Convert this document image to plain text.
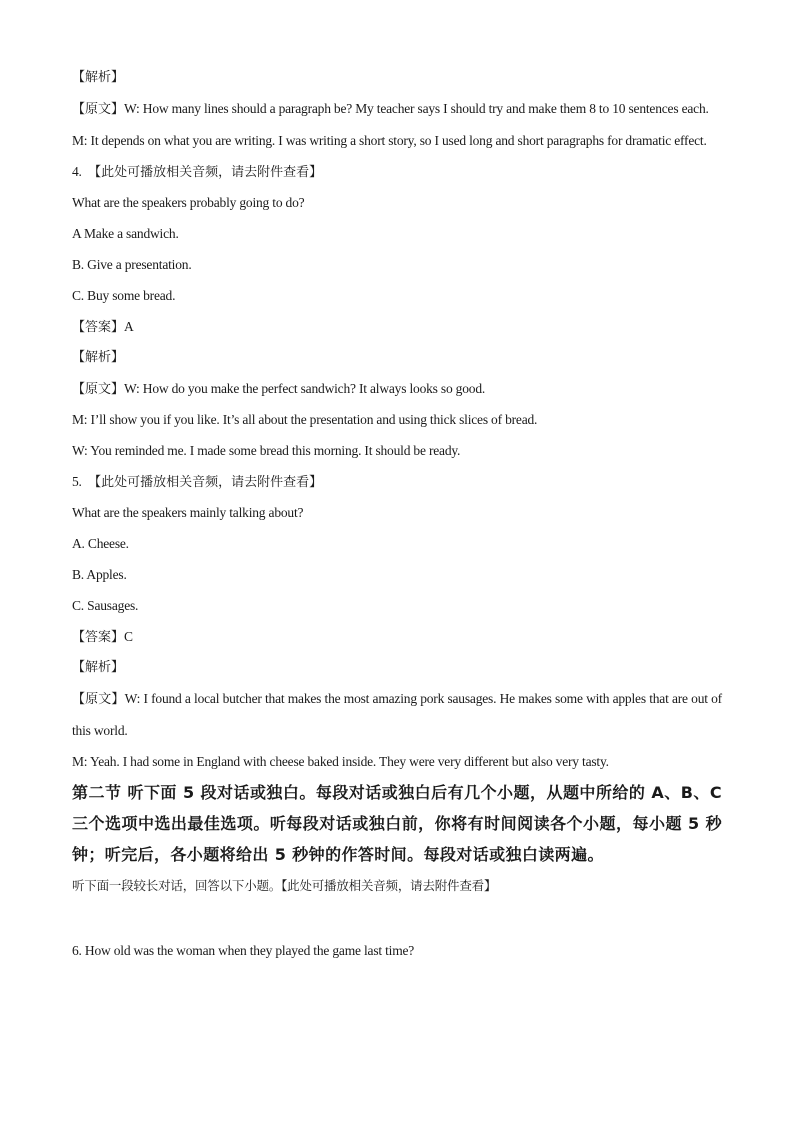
【解析】
【原文】W: How many lines should a paragraph be? My teacher says I should try and make them 8 to 10 sentences each.
M: It depends on what you are writing. I was writing a short story, so I used long and short paragraphs for dramatic effect.
4. 【此处可播放相关音频，请去附件查看】
What are the speakers probably going to do?
A Make a sandwich.
B. Give a presentation.
C. Buy some bread.
【答案】A
【解析】
【原文】W: How do you make the perfect sandwich? It always looks so good.
M: I’ll show you if you like. It’s all about the presentation and using thick slices of bread.
W: You reminded me. I made some bread this morning. It should be ready.
5. 【此处可播放相关音频，请去附件查看】
What are the speakers mainly talking about?
A. Cheese.
B. Apples.
C. Sausages.
【答案】C
【解析】
【原文】W: I found a local butcher that makes the most amazing pork sausages. He makes some with apples that are out of this world.
M: Yeah. I had some in England with cheese baked inside. They were very different but also very tasty.
第二节 听下面 5 段对话或独白。每段对话或独白后有几个小题，从题中所给的 A、B、C 三个选项中选出最佳选项。听每段对话或独白前，你将有时间阅读各个小题，每小题 5 秒钟；听完后，各小题将给出 5 秒钟的作答时间。每段对话或独白读两遍。
听下面一段较长对话，回答以下小题。【此处可播放相关音频，请去附件查看】
6. How old was the woman when they played the game last time?
